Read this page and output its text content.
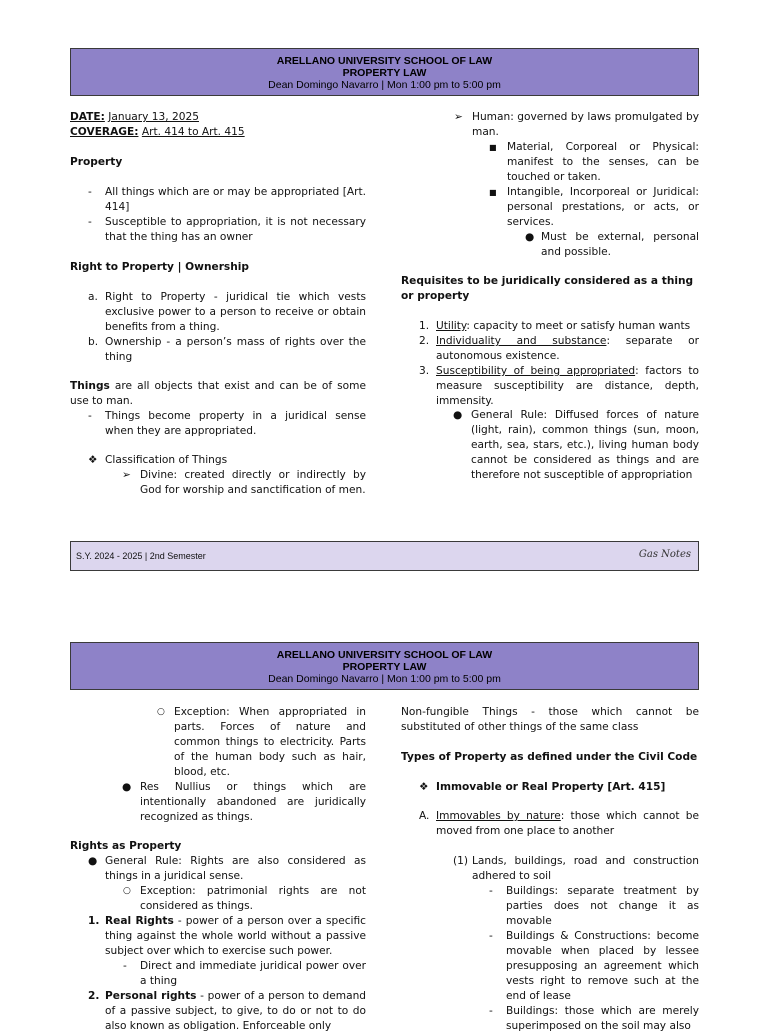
ARELLANO UNIVERSITY SCHOOL OF LAW
PROPERTY LAW
Dean Domingo Navarro | Mon 1:00 pm to 5:00 pm
DATE: January 13, 2025
COVERAGE: Art. 414 to Art. 415
Property
- All things which are or may be appropriated [Art. 414]
- Susceptible to appropriation, it is not necessary that the thing has an owner
Right to Property | Ownership
a. Right to Property - juridical tie which vests exclusive power to a person to receive or obtain benefits from a thing.
b. Ownership - a person’s mass of rights over the thing
Things are all objects that exist and can be of some use to man.
- Things become property in a juridical sense when they are appropriated.
❖ Classification of Things
➢ Divine: created directly or indirectly by God for worship and sanctification of men.
➢ Human: governed by laws promulgated by man.
■ Material, Corporeal or Physical: manifest to the senses, can be touched or taken.
■ Intangible, Incorporeal or Juridical: personal prestations, or acts, or services.
● Must be external, personal and possible.
Requisites to be juridically considered as a thing or property
1. Utility: capacity to meet or satisfy human wants
2. Individuality and substance: separate or autonomous existence.
3. Susceptibility of being appropriated: factors to measure susceptibility are distance, depth, immensity.
● General Rule: Diffused forces of nature (light, rain), common things (sun, moon, earth, sea, stars, etc.), living human body cannot be considered as things and are therefore not susceptible of appropriation
S.Y. 2024 - 2025 | 2nd Semester	Gas Notes
ARELLANO UNIVERSITY SCHOOL OF LAW
PROPERTY LAW
Dean Domingo Navarro | Mon 1:00 pm to 5:00 pm
○ Exception: When appropriated in parts. Forces of nature and common things to electricity. Parts of the human body such as hair, blood, etc.
● Res Nullius or things which are intentionally abandoned are juridically recognized as things.
Rights as Property
● General Rule: Rights are also considered as things in a juridical sense.
○ Exception: patrimonial rights are not considered as things.
1. Real Rights - power of a person over a specific thing against the whole world without a passive subject over which to exercise such power.
- Direct and immediate juridical power over a thing
2. Personal rights - power of a person to demand of a passive subject, to give, to do or not to do also known as obligation. Enforceable only
Non-fungible Things - those which cannot be substituted of other things of the same class
Types of Property as defined under the Civil Code
❖ Immovable or Real Property [Art. 415]
A. Immovables by nature: those which cannot be moved from one place to another
(1) Lands, buildings, road and construction adhered to soil
- Buildings: separate treatment by parties does not change it as movable
- Buildings & Constructions: become movable when placed by lessee presupposing an agreement which vests right to remove such at the end of lease
- Buildings: those which are merely superimposed on the soil may also
